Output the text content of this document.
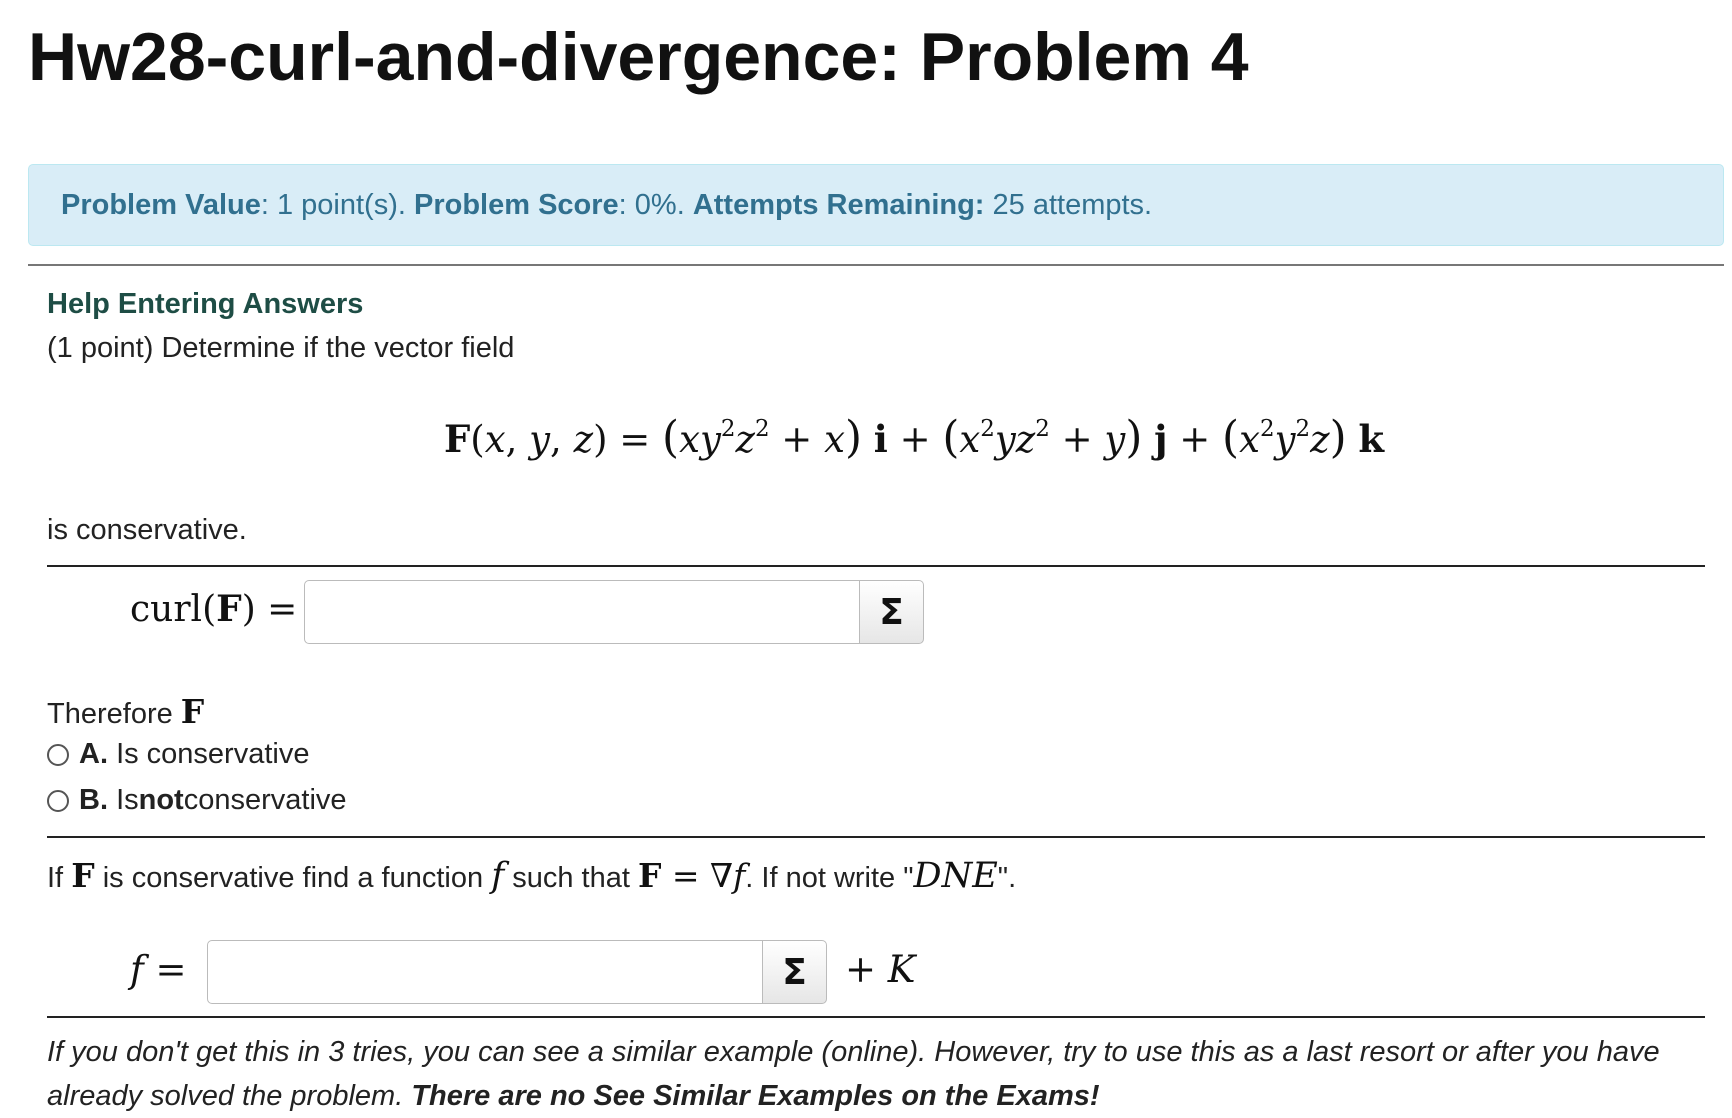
Hw28-curl-and-divergence: Problem 4
Problem Value: 1 point(s). Problem Score: 0%. Attempts Remaining: 25 attempts.
Help Entering Answers
(1 point) Determine if the vector field
F(x, y, $z) = (xy^2z^2 + x) i + (x^2yz^2 + y) j + (x^2y^2z)$ k
is conservative.
curl(F) =	Σ
Therefore F
A.
Is conservative
B.
Is not conservative
If F is conservative find a function f such that F = ∇f. If not write "DNE".
f =	Σ + K
If you don't get this in 3 tries, you can see a similar example (online). However, try to use this as a last resort or after you have already solved the problem. There are no See Similar Examples on the Exams!
